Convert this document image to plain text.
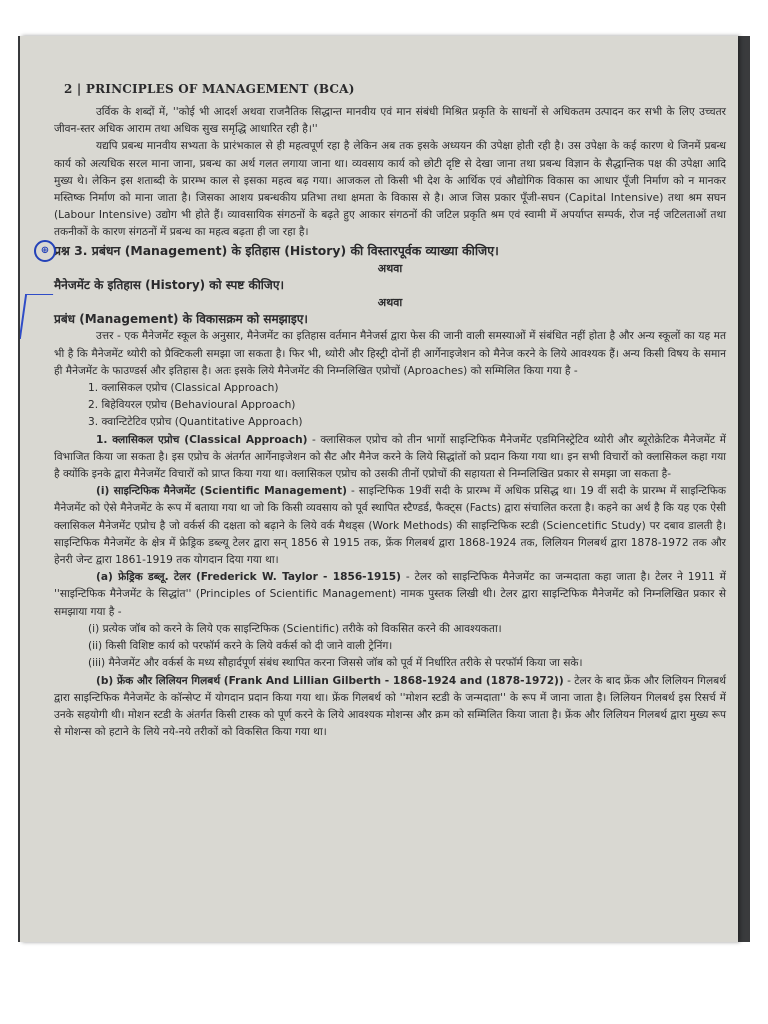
2 | PRINCIPLES OF MANAGEMENT (BCA)

उर्विक के शब्दों में, ''कोई भी आदर्श अथवा राजनैतिक सिद्धान्त मानवीय एवं मान संबंधी मिश्रित प्रकृति के साधनों से अधिकतम उत्पादन कर सभी के लिए उच्चतर जीवन-स्तर अधिक आराम तथा अधिक सुख समृद्धि आधारित रही है।''

यद्यपि प्रबन्ध मानवीय सभ्यता के प्रारंभकाल से ही महत्वपूर्ण रहा है लेकिन अब तक इसके अध्ययन की उपेक्षा होती रही है। उस उपेक्षा के कई कारण थे जिनमें प्रबन्ध कार्य को अत्यधिक सरल माना जाना, प्रबन्ध का अर्थ गलत लगाया जाना था। व्यवसाय कार्य को छोटी दृष्टि से देखा जाना तथा प्रबन्ध विज्ञान के सैद्धान्तिक पक्ष की उपेक्षा आदि मुख्य थे। लेकिन इस शताब्दी के प्रारम्भ काल से इसका महत्व बढ़ गया। आजकल तो किसी भी देश के आर्थिक एवं औद्योगिक विकास का आधार पूँजी निर्माण को न मानकर मस्तिष्क निर्माण को माना जाता है। जिसका आशय प्रबन्धकीय प्रतिभा तथा क्षमता के विकास से है। आज जिस प्रकार पूँजी-सघन (Capital Intensive) तथा श्रम सघन (Labour Intensive) उद्योग भी होते हैं। व्यावसायिक संगठनों के बढ़ते हुए आकार संगठनों की जटिल प्रकृति श्रम एवं स्वामी में अपर्याप्त सम्पर्क, रोज नई जटिलताओं तथा तकनीकों के कारण संगठनों में प्रबन्ध का महत्व बढ़ता ही जा रहा है।

⊕ प्रश्न 3. प्रबंधन (Management) के इतिहास (History) की विस्तारपूर्वक व्याख्या कीजिए।

अथवा

मैनेजमेंट के इतिहास (History) को स्पष्ट कीजिए।

अथवा

प्रबंध (Management) के विकासक्रम को समझाइए।

उत्तर - एक मैनेजमेंट स्कूल के अनुसार, मैनेजमेंट का इतिहास वर्तमान मैनेजर्स द्वारा फेस की जानी वाली समस्याओं में संबंधित नहीं होता है और अन्य स्कूलों का यह मत भी है कि मैनेजमेंट थ्योरी को प्रैक्टिकली समझा जा सकता है। फिर भी, थ्योरी और हिस्ट्री दोनों ही आर्गेनाइजेशन को मैनेज करने के लिये आवश्यक हैं। अन्य किसी विषय के समान ही मैनेजमेंट के फाउण्डर्स और इतिहास है। अतः इसके लिये मैनेजमेंट की निम्नलिखित एप्रोचों (Aproaches) को सम्मिलित किया गया है -

1. क्लासिकल एप्रोच (Classical Approach)

2. बिहेवियरल एप्रोच (Behavioural Approach)

3. क्वान्टिटेटिव एप्रोच (Quantitative Approach)

1. क्लासिकल एप्रोच (Classical Approach) - क्लासिकल एप्रोच को तीन भागों साइन्टिफिक मैनेजमेंट एडमिनिस्ट्रेटिव थ्योरी और ब्यूरोक्रेटिक मैनेजमेंट में विभाजित किया जा सकता है। इस एप्रोच के अंतर्गत आर्गेनाइजेशन को सैट और मैनेज करने के लिये सिद्धांतों को प्रदान किया गया था। इन सभी विचारों को क्लासिकल कहा गया है क्योंकि इनके द्वारा मैनेजमेंट विचारों को प्राप्त किया गया था। क्लासिकल एप्रोच को उसकी तीनों एप्रोचों की सहायता से निम्नलिखित प्रकार से समझा जा सकता है-

(i) साइन्टिफिक मैनेजमेंट (Scientific Management) - साइन्टिफिक 19वीं सदी के प्रारम्भ में अधिक प्रसिद्ध था। 19 वीं सदी के प्रारम्भ में साइन्टिफिक मैनेजमेंट को ऐसे मैनेजमेंट के रूप में बताया गया था जो कि किसी व्यवसाय को पूर्व स्थापित स्टैण्डर्ड, फैक्ट्स (Facts) द्वारा संचालित करता है। कहने का अर्थ है कि यह एक ऐसी क्लासिकल मैनेजमेंट एप्रोच है जो वर्कर्स की दक्षता को बढ़ाने के लिये वर्क मैथड्स (Work Methods) की साइन्टिफिक स्टडी (Sciencetific Study) पर दबाव डालती है। साइन्टिफिक मैनेजमेंट के क्षेत्र में फ्रेड्रिक डब्ल्यू टेलर द्वारा सन् 1856 से 1915 तक, फ्रेंक गिलबर्थ द्वारा 1868-1924 तक, लिलियन गिलबर्थ द्वारा 1878-1972 तक और हेनरी जेन्ट द्वारा 1861-1919 तक योगदान दिया गया था।

(a) फ्रेड्रिक डब्लू. टेलर (Frederick W. Taylor - 1856-1915) - टेलर को साइन्टिफिक मैनेजमेंट का जन्मदाता कहा जाता है। टेलर ने 1911 में ''साइन्टिफिक मैनेजमेंट के सिद्धांत'' (Principles of Scientific Management) नामक पुस्तक लिखी थी। टेलर द्वारा साइन्टिफिक मैनेजमेंट को निम्नलिखित प्रकार से समझाया गया है -

(i) प्रत्येक जॉब को करने के लिये एक साइन्टिफिक (Scientific) तरीके को विकसित करने की आवश्यकता।

(ii) किसी विशिष्ट कार्य को परफॉर्म करने के लिये वर्कर्स को दी जाने वाली ट्रेनिंग।

(iii) मैनेजमेंट और वर्कर्स के मध्य सौहार्दपूर्ण संबंध स्थापित करना जिससे जॉब को पूर्व में निर्धारित तरीके से परफॉर्म किया जा सके।

(b) फ्रेंक और लिलियन गिलबर्थ (Frank And Lillian Gilberth - 1868-1924 and (1878-1972)) - टेलर के बाद फ्रेंक और लिलियन गिलबर्थ द्वारा साइन्टिफिक मैनेजमेंट के कॉन्सेप्ट में योगदान प्रदान किया गया था। फ्रेंक गिलबर्थ को ''मोशन स्टडी के जन्मदाता'' के रूप में जाना जाता है। लिलियन गिलबर्थ इस रिसर्च में उनके सहयोगी थी। मोशन स्टडी के अंतर्गत किसी टास्क को पूर्ण करने के लिये आवश्यक मोशन्स और क्रम को सम्मिलित किया जाता है। फ्रेंक और लिलियन गिलबर्थ द्वारा मुख्य रूप से मोशन्स को हटाने के लिये नये-नये तरीकों को विकसित किया गया था।
